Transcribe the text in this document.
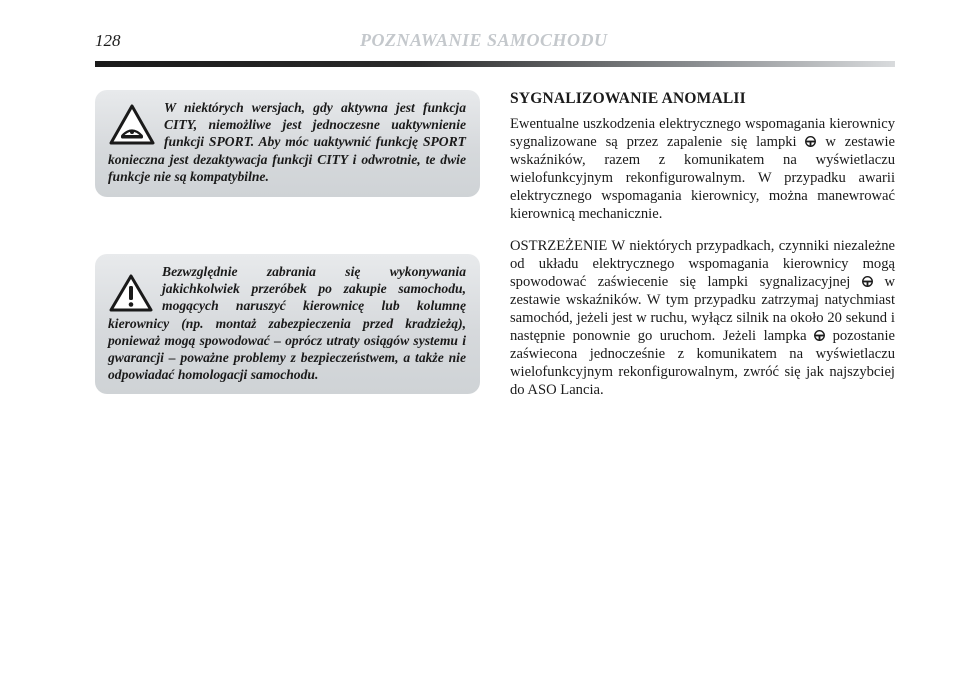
128	POZNAWANIE SAMOCHODU

W niektórych wersjach, gdy aktywna jest funkcja CITY, niemożliwe jest jednoczesne uaktywnienie funkcji SPORT. Aby móc uaktywnić funkcję SPORT konieczna jest dezaktywacja funkcji CITY i odwrotnie, te dwie funkcje nie są kompatybilne.

Bezwzględnie zabrania się wykonywania jakichkolwiek przeróbek po zakupie samochodu, mogących naruszyć kierownicę lub kolumnę kierownicy (np. montaż zabezpieczenia przed kradzieżą), ponieważ mogą spowodować – oprócz utraty osiągów systemu i gwarancji – poważne problemy z bezpieczeństwem, a także nie odpowiadać homologacji samochodu.

SYGNALIZOWANIE ANOMALII

Ewentualne uszkodzenia elektrycznego wspomagania kierownicy sygnalizowane są przez zapalenie się lampki  w zestawie wskaźników, razem z komunikatem na wyświetlaczu wielofunkcyjnym rekonfigurowalnym. W przypadku awarii elektrycznego wspomagania kierownicy, można manewrować kierownicą mechanicznie.

OSTRZEŻENIE W niektórych przypadkach, czynniki niezależne od układu elektrycznego wspomagania kierownicy mogą spowodować zaświecenie się lampki sygnalizacyjnej  w zestawie wskaźników. W tym przypadku zatrzymaj natychmiast samochód, jeżeli jest w ruchu, wyłącz silnik na około 20 sekund i następnie ponownie go uruchom. Jeżeli lampka  pozostanie zaświecona jednocześnie z komunikatem na wyświetlaczu wielofunkcyjnym rekonfigurowalnym, zwróć się jak najszybciej do ASO Lancia.
